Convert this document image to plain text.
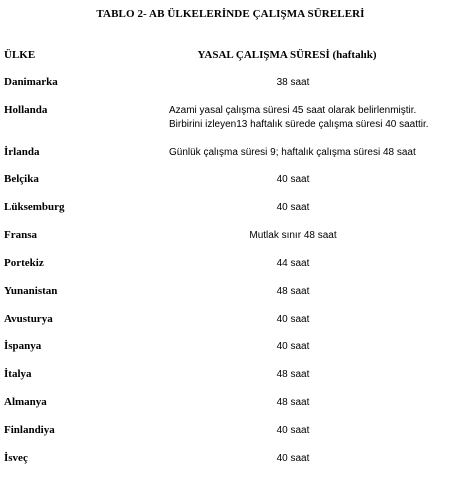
TABLO 2- AB ÜLKELERİNDE ÇALIŞMA SÜRELERİ
ÜLKE	YASAL ÇALIŞMA SÜRESİ (haftalık)
Danimarka	38 saat
Hollanda	Azami yasal çalışma süresi 45 saat olarak belirlenmiştir.
Birbirini izleyen13 haftalık sürede çalışma süresi 40 saattir.
İrlanda	Günlük çalışma süresi 9; haftalık çalışma süresi 48 saat
Belçika	40 saat
Lüksemburg	40 saat
Fransa	Mutlak sınır 48 saat
Portekiz	44 saat
Yunanistan	48 saat
Avusturya	40 saat
İspanya	40 saat
İtalya	48 saat
Almanya	48 saat
Finlandiya	40 saat
İsveç	40 saat
